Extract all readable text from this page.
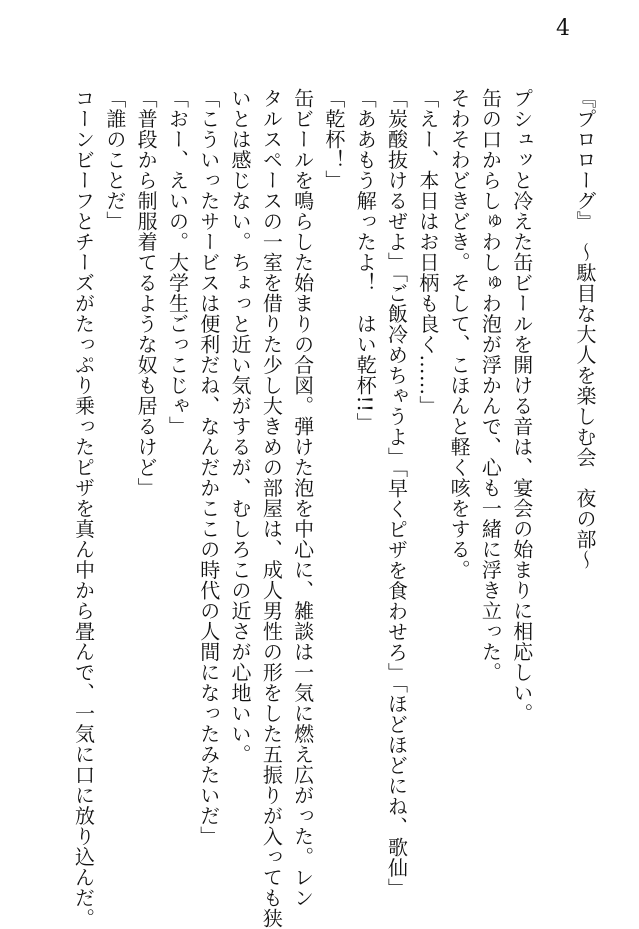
4
『プロローグ』　～駄目な大人を楽しむ会　夜の部～
プシュッと冷えた缶ビールを開ける音は、宴会の始まりに相応しい。
缶の口からしゅわしゅわ泡が浮かんで、心も一緒に浮き立った。
そわそわどきどき。そして、こほんと軽く咳をする。
「えー、本日はお日柄も良く……」
「炭酸抜けるぜよ」「ご飯冷めちゃうよ」「早くピザを食わせろ」「ほどほどにね、歌仙」
「ああもう解ったよ！　はい乾杯!!」
「乾杯！」
缶ビールを鳴らした始まりの合図。弾けた泡を中心に、雑談は一気に燃え広がった。レン
タルスペースの一室を借りた少し大きめの部屋は、成人男性の形をした五振りが入っても狭
いとは感じない。ちょっと近い気がするが、むしろこの近さが心地いい。
「こういったサービスは便利だね、なんだかここの時代の人間になったみたいだ」
「おー、えいの。大学生ごっこじゃ」
「普段から制服着てるような奴も居るけど」
「誰のことだ」
コーンビーフとチーズがたっぷり乗ったピザを真ん中から畳んで、一気に口に放り込んだ。
